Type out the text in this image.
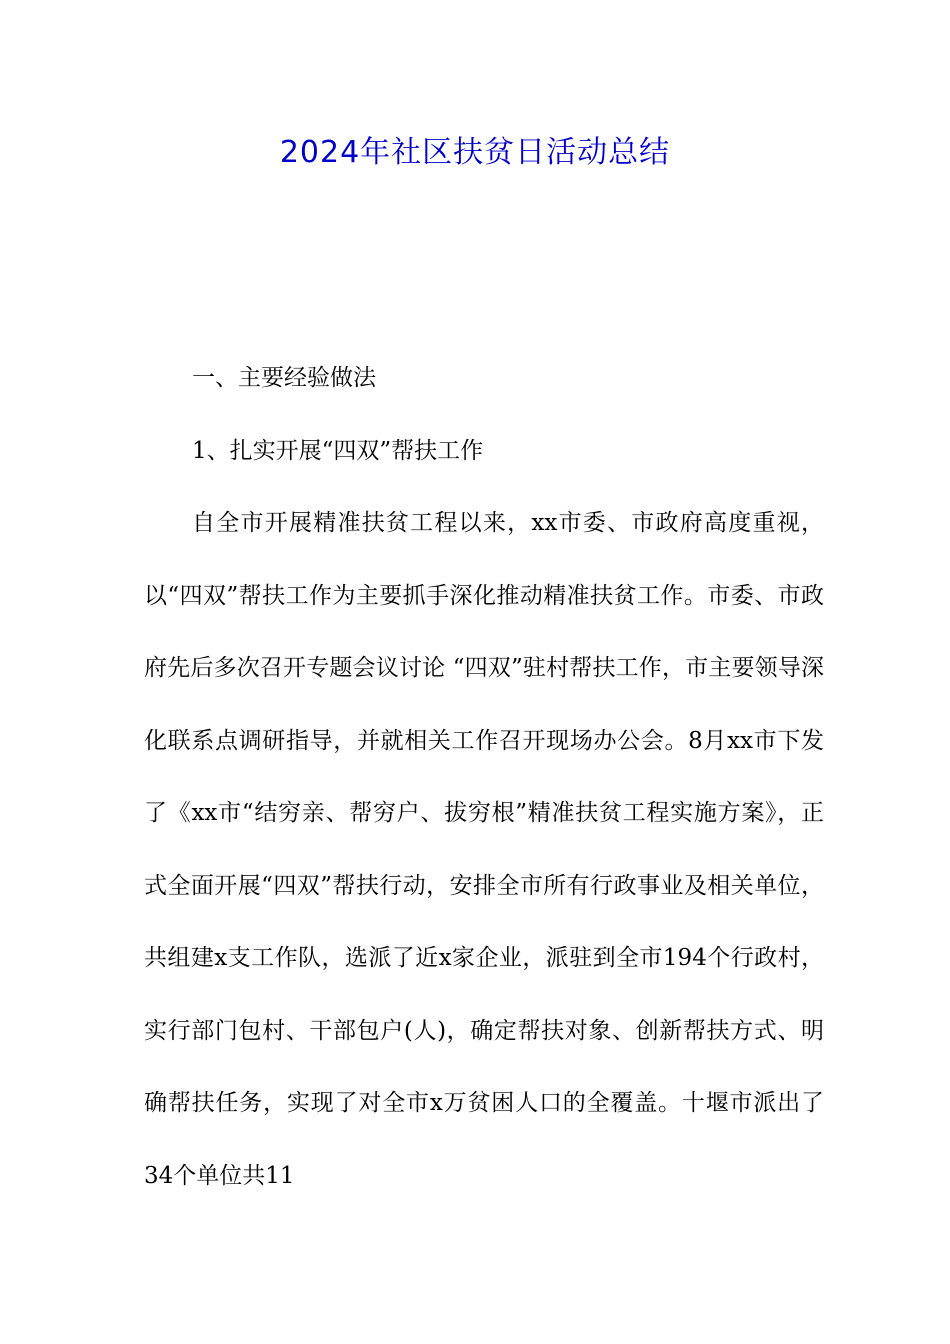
2024年社区扶贫日活动总结

一、主要经验做法

1、扎实开展“四双”帮扶工作

自全市开展精准扶贫工程以来，xx市委、市政府高度重视，以“四双”帮扶工作为主要抓手深化推动精准扶贫工作。市委、市政府先后多次召开专题会议讨论 “四双”驻村帮扶工作，市主要领导深化联系点调研指导，并就相关工作召开现场办公会。8月xx市下发了《xx市“结穷亲、帮穷户、拔穷根”精准扶贫工程实施方案》，正式全面开展“四双”帮扶行动，安排全市所有行政事业及相关单位，共组建x支工作队，选派了近x家企业，派驻到全市194个行政村，实行部门包村、干部包户(人)，确定帮扶对象、创新帮扶方式、明确帮扶任务，实现了对全市x万贫困人口的全覆盖。十堰市派出了34个单位共11
